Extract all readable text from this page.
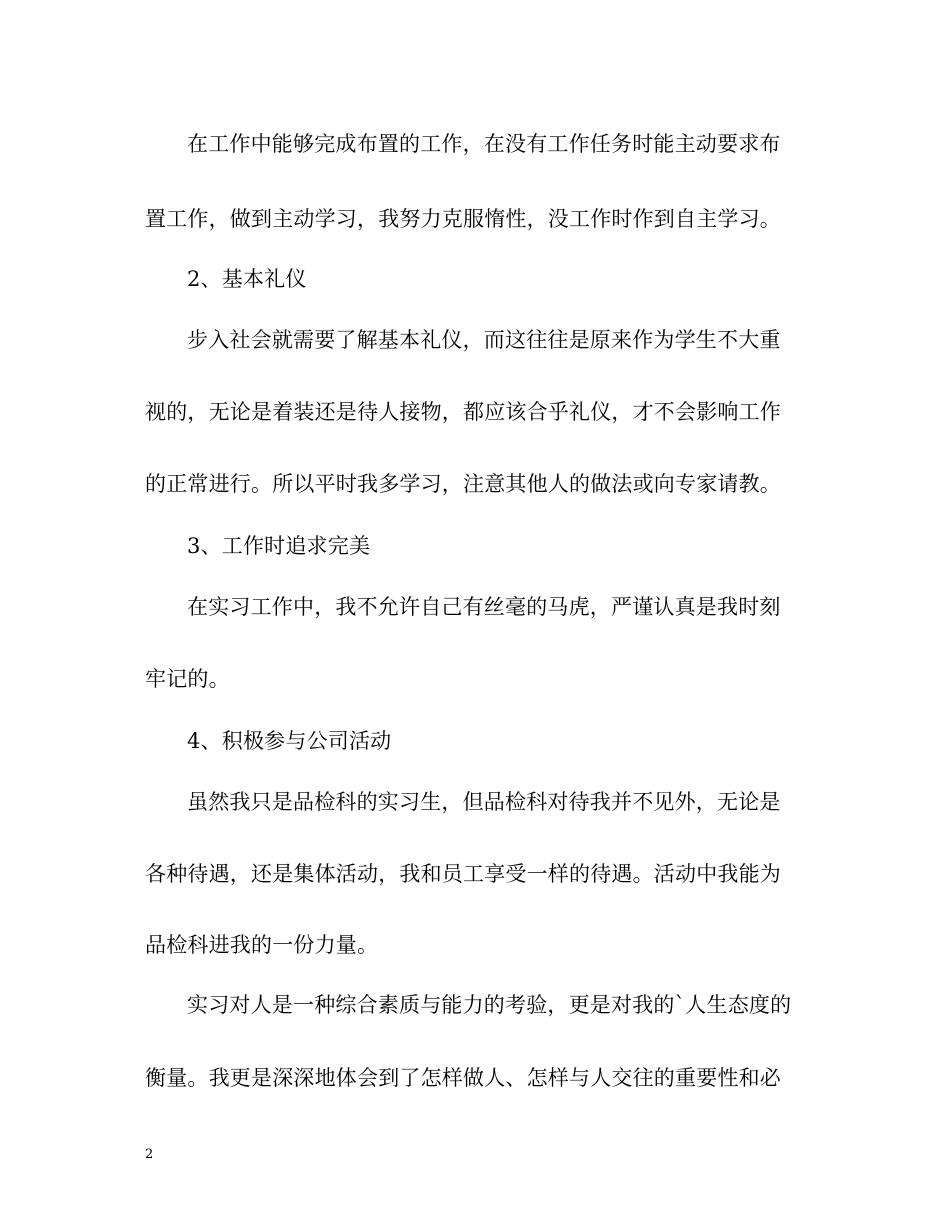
在工作中能够完成布置的工作，在没有工作任务时能主动要求布
置工作，做到主动学习，我努力克服惰性，没工作时作到自主学习。
2、基本礼仪
步入社会就需要了解基本礼仪，而这往往是原来作为学生不大重
视的，无论是着装还是待人接物，都应该合乎礼仪，才不会影响工作
的正常进行。所以平时我多学习，注意其他人的做法或向专家请教。
3、工作时追求完美
在实习工作中，我不允许自己有丝毫的马虎，严谨认真是我时刻
牢记的。
4、积极参与公司活动
虽然我只是品检科的实习生，但品检科对待我并不见外，无论是
各种待遇，还是集体活动，我和员工享受一样的待遇。活动中我能为
品检科进我的一份力量。
实习对人是一种综合素质与能力的考验，更是对我的`人生态度的
衡量。我更是深深地体会到了怎样做人、怎样与人交往的重要性和必
2
